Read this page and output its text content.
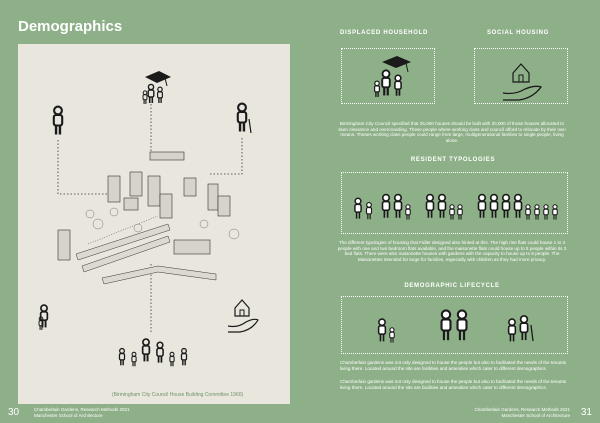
Demographics
(Birmingham City Council House Building Committee 1960)
30	Chamberlain Gardens, Research Methods 2021
Manchester School of Architecture
DISPLACED HOUSEHOLD	SOCIAL HOUSING
Birmingham City Council specified that 25,000 houses should be built with 20,000 of those houses allocated to slum clearance and overcrowding. These people where working class and council afford to relocate by their own means. Theses working class people could range from large, multigenerational families to single people, living alone.
RESIDENT TYPOLOGIES
The different typologies of housing that Fidler designed also hinted at this. The high rise flats could house 1 to 4 people with one and two bedroom flats available, and the maisonette flats could house up to 5 people within its 3 bed flats. There were also maisonette houses with gardens with the capacity to house up to 8 people. The Maisonettes intended for large for families, especially with children as they had more privacy.
DEMOGRAPHIC LIFECYCLE
Chamberlain gardens was not only designed to house the people but also to facilitated the needs of the tenants living there. Located around the site are facilities and amenities which cater to different demographics.
Chamberlain gardens was not only designed to house the people but also to facilitated the needs of the tenants living there. Located around the site are facilities and amenities which cater to different demographics.
Chamberlain Gardens, Research Methods 2021
Manchester School of Architecture 31
